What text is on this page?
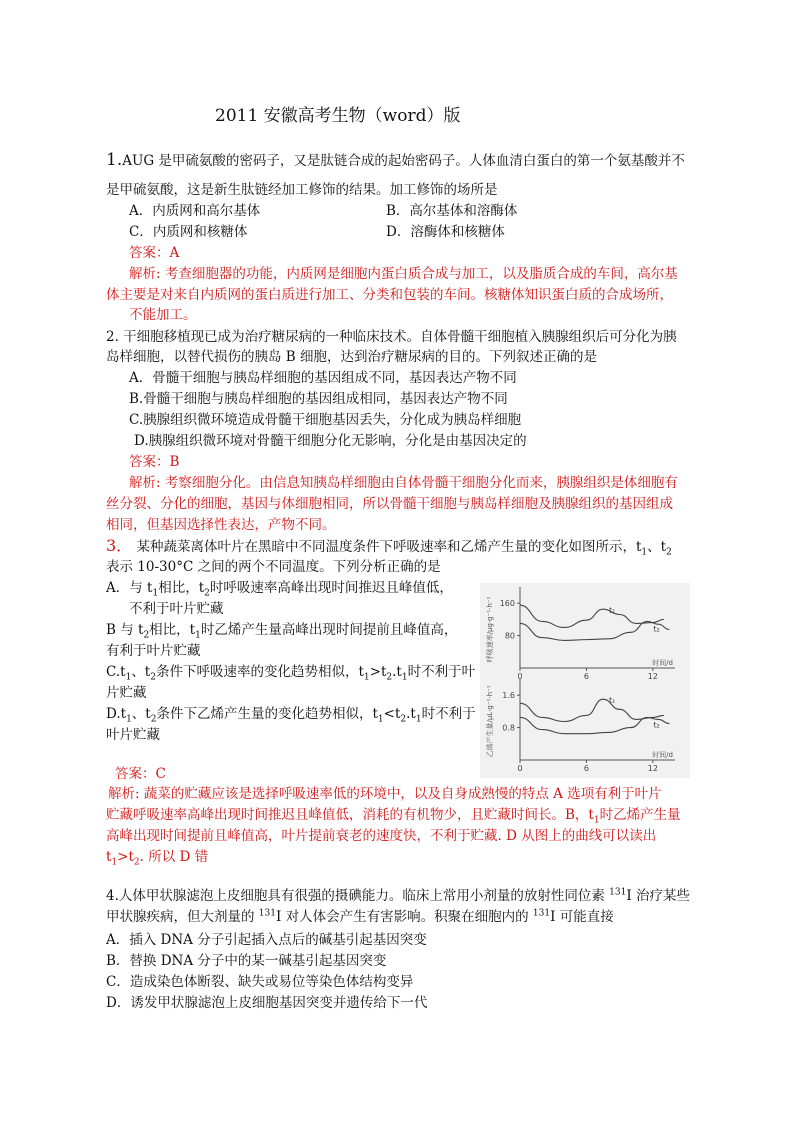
2011 安徽高考生物（word）版
1.AUG 是甲硫氨酸的密码子，又是肽链合成的起始密码子。人体血清白蛋白的第一个氨基酸并不
是甲硫氨酸，这是新生肽链经加工修饰的结果。加工修饰的场所是
A．内质网和高尔基体	B．高尔基体和溶酶体
C．内质网和核糖体	D．溶酶体和核糖体
答案：A
解析: 考查细胞器的功能，内质网是细胞内蛋白质合成与加工，以及脂质合成的车间，高尔基
体主要是对来自内质网的蛋白质进行加工、分类和包装的车间。核糖体知识蛋白质的合成场所，
不能加工。
2. 干细胞移植现已成为治疗糖尿病的一种临床技术。自体骨髓干细胞植入胰腺组织后可分化为胰
岛样细胞，以替代损伤的胰岛 B 细胞，达到治疗糖尿病的目的。下列叙述正确的是
A．骨髓干细胞与胰岛样细胞的基因组成不同，基因表达产物不同
B.骨髓干细胞与胰岛样细胞的基因组成相同，基因表达产物不同
C.胰腺组织微环境造成骨髓干细胞基因丢失，分化成为胰岛样细胞
D.胰腺组织微环境对骨髓干细胞分化无影响，分化是由基因决定的
答案：B
解析: 考察细胞分化。由信息知胰岛样细胞由自体骨髓干细胞分化而来，胰腺组织是体细胞有
丝分裂、分化的细胞，基因与体细胞相同，所以骨髓干细胞与胰岛样细胞及胰腺组织的基因组成
相同，但基因选择性表达，产物不同。
3． 某种蔬菜离体叶片在黑暗中不同温度条件下呼吸速率和乙烯产生量的变化如图所示，$t_1$、$t_2$
表示 10-30°C 之间的两个不同温度。下列分析正确的是
A．与 $t_1$相比，$t_2$时呼吸速率高峰出现时间推迟且峰值低，
不利于叶片贮藏
B 与 $t_2$相比，$t_1$时乙烯产生量高峰出现时间提前且峰值高，
有利于叶片贮藏
$C.t_1$、$t_2$条件下呼吸速率的变化趋势相似，$t_1>t_2.t_1$时不利于叶
片贮藏
$D.t_1$、$t_2$条件下乙烯产生量的变化趋势相似，$t_1<t_2.t_1$时不利于
叶片贮藏
答案：C
解析: 蔬菜的贮藏应该是选择呼吸速率低的环境中，以及自身成熟慢的特点 A 选项有利于叶片
贮藏呼吸速率高峰出现时间推迟且峰值低，消耗的有机物少，且贮藏时间长。B，$t_1$时乙烯产生量
高峰出现时间提前且峰值高，叶片提前衰老的速度快，不利于贮藏. D 从图上的曲线可以读出
$t_1>t_2$. 所以 D 错
80
160
0	6	12
时间/d
呼吸速率/μg·g⁻¹·h⁻¹	t₁
t₂
0.8
1.6
0	6	12
时间/d
乙烯产生量/μL·g⁻¹·h⁻¹	t₁
t₂
4.人体甲状腺滤泡上皮细胞具有很强的摄碘能力。临床上常用小剂量的放射性同位素 $^{131}$I 治疗某些
甲状腺疾病，但大剂量的 $^{131}$I 对人体会产生有害影响。积聚在细胞内的 $^{131}$I 可能直接
A．插入 DNA 分子引起插入点后的碱基引起基因突变
B．替换 DNA 分子中的某一碱基引起基因突变
C．造成染色体断裂、缺失或易位等染色体结构变异
D．诱发甲状腺滤泡上皮细胞基因突变并遗传给下一代
